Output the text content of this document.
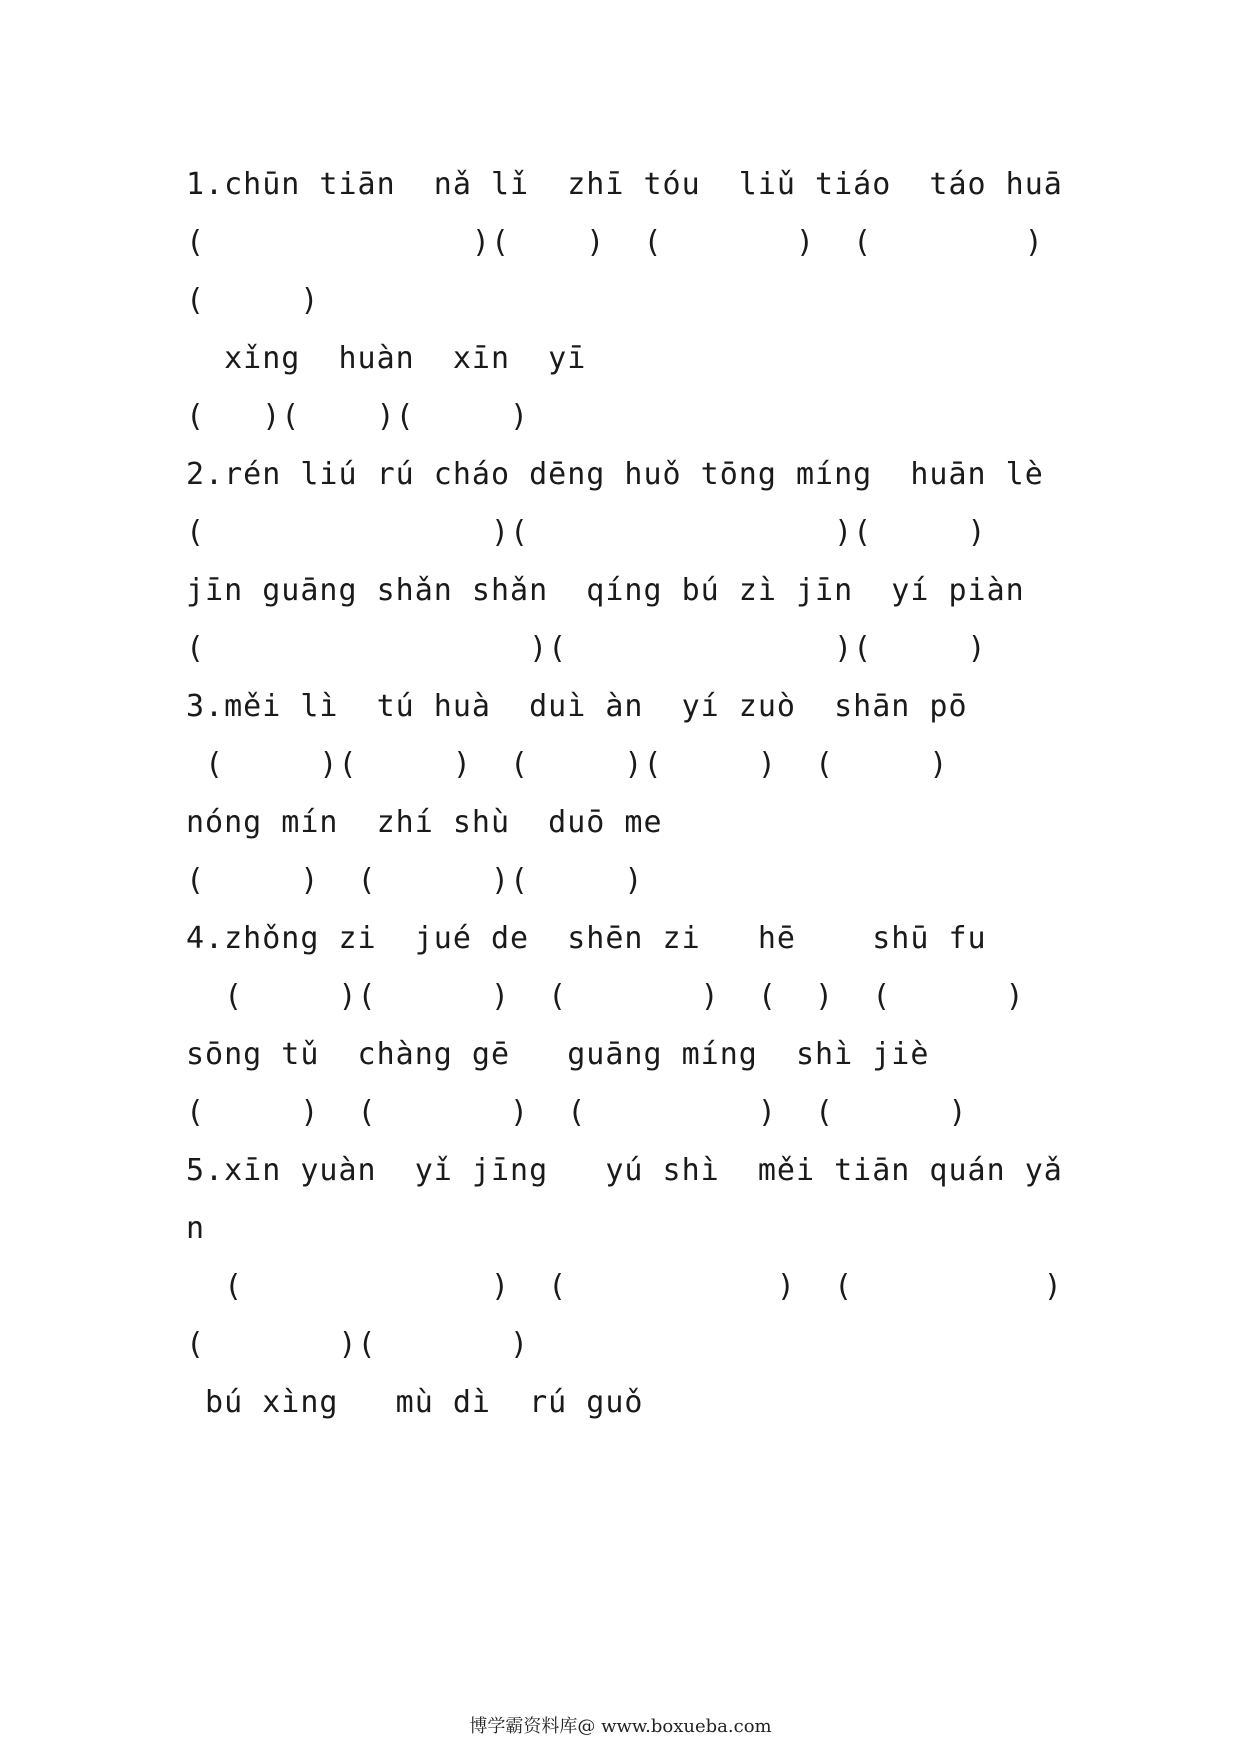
1.chūn tiān  nǎ lǐ  zhī tóu  liǔ tiáo  táo huā
(              )(    )  (       )  (        )
(     )
xǐng  huàn  xīn  yī
(   )(    )(     )
2.rén liú rú cháo dēng huǒ tōng míng  huān lè
(               )(                )(     )
jīn guāng shǎn shǎn  qíng bú zì jīn  yí piàn
(                 )(              )(     )
3.měi lì  tú huà  duì àn  yí zuò  shān pō
(     )(     )  (     )(     )  (     )
nóng mín  zhí shù  duō me
(     )  (      )(     )
4.zhǒng zi  jué de  shēn zi   hē    shū fu
(     )(      )  (       )  (  )  (      )
sōng tǔ  chàng gē   guāng míng  shì jiè
(     )  (       )  (         )  (      )
5.xīn yuàn  yǐ jīng   yú shì  měi tiān quán yǎ
n
(             )  (           )  (          )
(       )(       )
bú xìng   mù dì  rú guǒ
博学霸资料库@ www.boxueba.com
